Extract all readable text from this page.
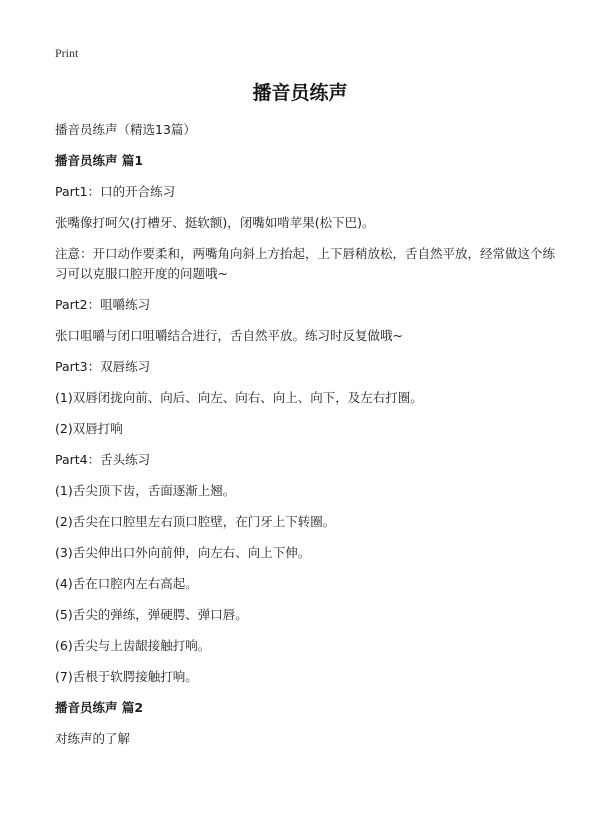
Print
播音员练声

播音员练声（精选13篇）

播音员练声 篇1

Part1：口的开合练习

张嘴像打呵欠(打槽牙、挺软额)，闭嘴如啃苹果(松下巴)。

注意：开口动作要柔和，两嘴角向斜上方抬起，上下唇稍放松，舌自然平放，经常做这个练习可以克服口腔开度的问题哦~

Part2：咀嚼练习

张口咀嚼与闭口咀嚼结合进行，舌自然平放。练习时反复做哦~

Part3：双唇练习

(1)双唇闭拢向前、向后、向左、向右、向上、向下，及左右打圈。

(2)双唇打响

Part4：舌头练习

(1)舌尖顶下齿，舌面逐渐上翘。

(2)舌尖在口腔里左右顶口腔壁，在门牙上下转圈。

(3)舌尖伸出口外向前伸，向左右、向上下伸。

(4)舌在口腔内左右高起。

(5)舌尖的弹练，弹硬腭、弹口唇。

(6)舌尖与上齿龈接触打响。

(7)舌根于软腭接触打响。

播音员练声 篇2

对练声的了解
